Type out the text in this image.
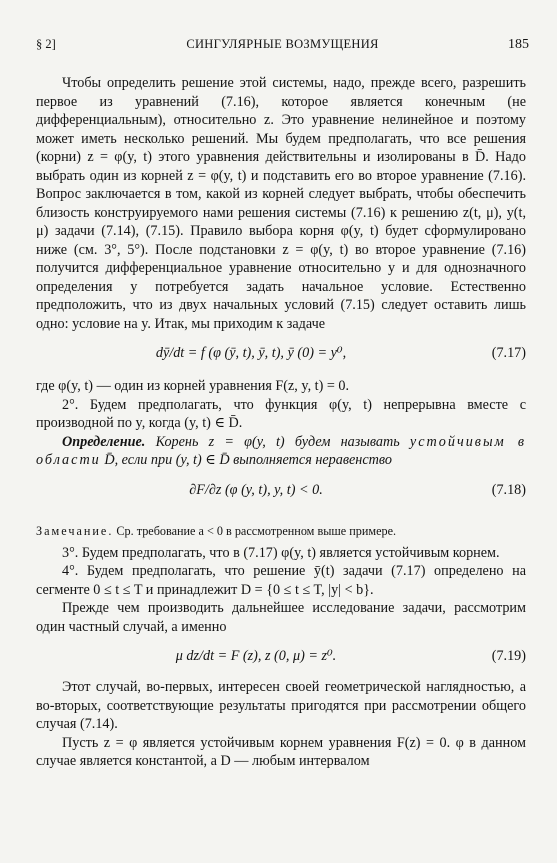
§ 2]	СИНГУЛЯРНЫЕ ВОЗМУЩЕНИЯ	185

Чтобы определить решение этой системы, надо, прежде всего, разрешить первое из уравнений (7.16), которое является конечным (не дифференциальным), относительно z. Это уравнение нелинейное и поэтому может иметь несколько решений. Мы будем предполагать, что все решения (корни) z = φ(y, t) этого уравнения действительны и изолированы в D̄. Надо выбрать один из корней z = φ(y, t) и подставить его во второе уравнение (7.16). Вопрос заключается в том, какой из корней следует выбрать, чтобы обеспечить близость конструируемого нами решения системы (7.16) к решению z(t, μ), y(t, μ) задачи (7.14), (7.15). Правило выбора корня φ(y, t) будет сформулировано ниже (см. 3°, 5°). После подстановки z = φ(y, t) во второе уравнение (7.16) получится дифференциальное уравнение относительно y и для однозначного определения y потребуется задать начальное условие. Естественно предположить, что из двух начальных условий (7.15) следует оставить лишь одно: условие на y. Итак, мы приходим к задаче

dȳ/dt = f (φ (ȳ, t), ȳ, t), ȳ (0) = y⁰,	(7.17)

где φ(y, t) — один из корней уравнения F(z, y, t) = 0.

2°. Будем предполагать, что функция φ(y, t) непрерывна вместе с производной по y, когда (y, t) ∈ D̄.

Определение. Корень z = φ(y, t) будем называть устойчивым в области D̄, если при (y, t) ∈ D̄ выполняется неравенство

∂F/∂z (φ (y, t), y, t) < 0.	(7.18)

Замечание. Ср. требование a < 0 в рассмотренном выше примере.

3°. Будем предполагать, что в (7.17) φ(y, t) является устойчивым корнем.

4°. Будем предполагать, что решение ȳ(t) задачи (7.17) определено на сегменте 0 ≤ t ≤ T и принадлежит D = {0 ≤ t ≤ T, |y| < b}.

Прежде чем производить дальнейшее исследование задачи, рассмотрим один частный случай, а именно

μ dz/dt = F (z), z (0, μ) = z⁰.	(7.19)

Этот случай, во-первых, интересен своей геометрической наглядностью, а во-вторых, соответствующие результаты пригодятся при рассмотрении общего случая (7.14).

Пусть z = φ является устойчивым корнем уравнения F(z) = 0. φ в данном случае является константой, а D — любым интервалом
